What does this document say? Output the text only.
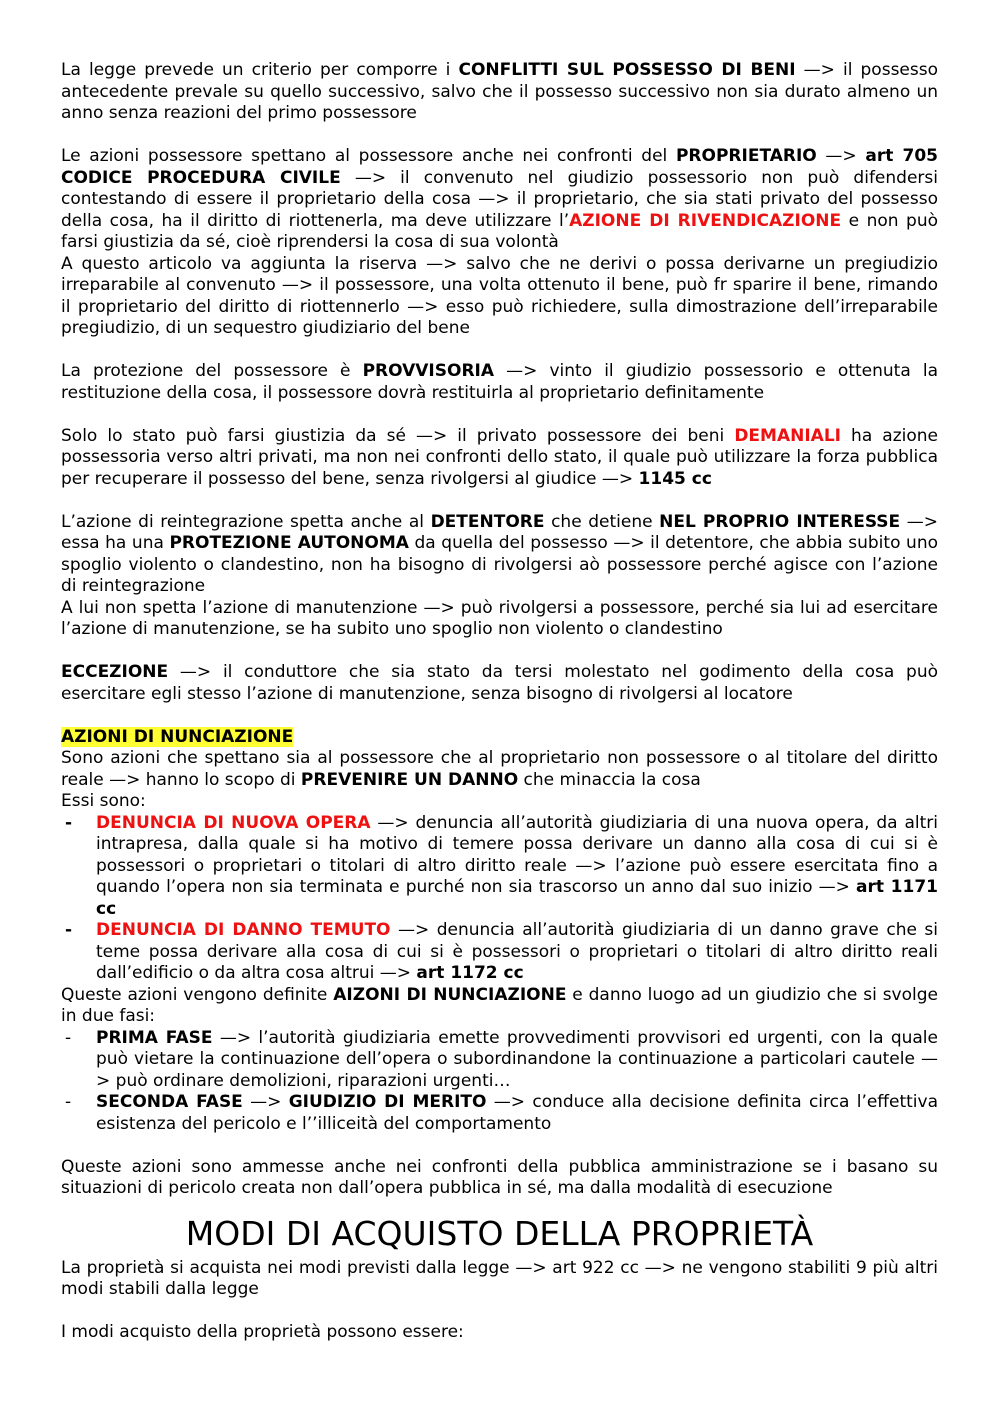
La legge prevede un criterio per comporre i CONFLITTI SUL POSSESSO DI BENI —> il possesso antecedente prevale su quello successivo, salvo che il possesso successivo non sia durato almeno un anno senza reazioni del primo possessore

Le azioni possessore spettano al possessore anche nei confronti del PROPRIETARIO —> art 705 CODICE PROCEDURA CIVILE —> il convenuto nel giudizio possessorio non può difendersi contestando di essere il proprietario della cosa —> il proprietario, che sia stati privato del possesso della cosa, ha il diritto di riottenerla, ma deve utilizzare l’AZIONE DI RIVENDICAZIONE e non può farsi giustizia da sé, cioè riprendersi la cosa di sua volontà

A questo articolo va aggiunta la riserva —> salvo che ne derivi o possa derivarne un pregiudizio irreparabile al convenuto —> il possessore, una volta ottenuto il bene, può fr sparire il bene, rimando il proprietario del diritto di riottennerlo —> esso può richiedere, sulla dimostrazione dell’irreparabile pregiudizio, di un sequestro giudiziario del bene

La protezione del possessore è PROVVISORIA —> vinto il giudizio possessorio e ottenuta la restituzione della cosa, il possessore dovrà restituirla al proprietario definitamente

Solo lo stato può farsi giustizia da sé —> il privato possessore dei beni DEMANIALI ha azione possessoria verso altri privati, ma non nei confronti dello stato, il quale può utilizzare la forza pubblica per recuperare il possesso del bene, senza rivolgersi al giudice —> 1145 cc

L’azione di reintegrazione spetta anche al DETENTORE che detiene NEL PROPRIO INTERESSE —> essa ha una PROTEZIONE AUTONOMA da quella del possesso —> il detentore, che abbia subito uno spoglio violento o clandestino, non ha bisogno di rivolgersi aò possessore perché agisce con l’azione di reintegrazione

A lui non spetta l’azione di manutenzione —> può rivolgersi a possessore, perché sia lui ad esercitare l’azione di manutenzione, se ha subito uno spoglio non violento o clandestino

ECCEZIONE —> il conduttore che sia stato da tersi molestato nel godimento della cosa può esercitare egli stesso l’azione di manutenzione, senza bisogno di rivolgersi al locatore

AZIONI DI NUNCIAZIONE

Sono azioni che spettano sia al possessore che al proprietario non possessore o al titolare del diritto reale —> hanno lo scopo di PREVENIRE UN DANNO che minaccia la cosa

Essi sono:

- DENUNCIA DI NUOVA OPERA —> denuncia all’autorità giudiziaria di una nuova opera, da altri intrapresa, dalla quale si ha motivo di temere possa derivare un danno alla cosa di cui si è possessori o proprietari o titolari di altro diritto reale —> l’azione può essere esercitata fino a quando l’opera non sia terminata e purché non sia trascorso un anno dal suo inizio —> art 1171 cc
- DENUNCIA DI DANNO TEMUTO —> denuncia all’autorità giudiziaria di un danno grave che si teme possa derivare alla cosa di cui si è possessori o proprietari o titolari di altro diritto reali dall’edificio o da altra cosa altrui —> art 1172 cc

Queste azioni vengono definite AIZONI DI NUNCIAZIONE e danno luogo ad un giudizio che si svolge in due fasi:

- PRIMA FASE —> l’autorità giudiziaria emette provvedimenti provvisori ed urgenti, con la quale può vietare la continuazione dell’opera o subordinandone la continuazione a particolari cautele —> può ordinare demolizioni, riparazioni urgenti…
- SECONDA FASE —> GIUDIZIO DI MERITO —> conduce alla decisione definita circa l’effettiva esistenza del pericolo e l’’illiceità del comportamento

Queste azioni sono ammesse anche nei confronti della pubblica amministrazione se i basano su situazioni di pericolo creata non dall’opera pubblica in sé, ma dalla modalità di esecuzione

MODI DI ACQUISTO DELLA PROPRIETÀ

La proprietà si acquista nei modi previsti dalla legge —> art 922 cc —> ne vengono stabiliti 9 più altri modi stabili dalla legge

I modi acquisto della proprietà possono essere:
